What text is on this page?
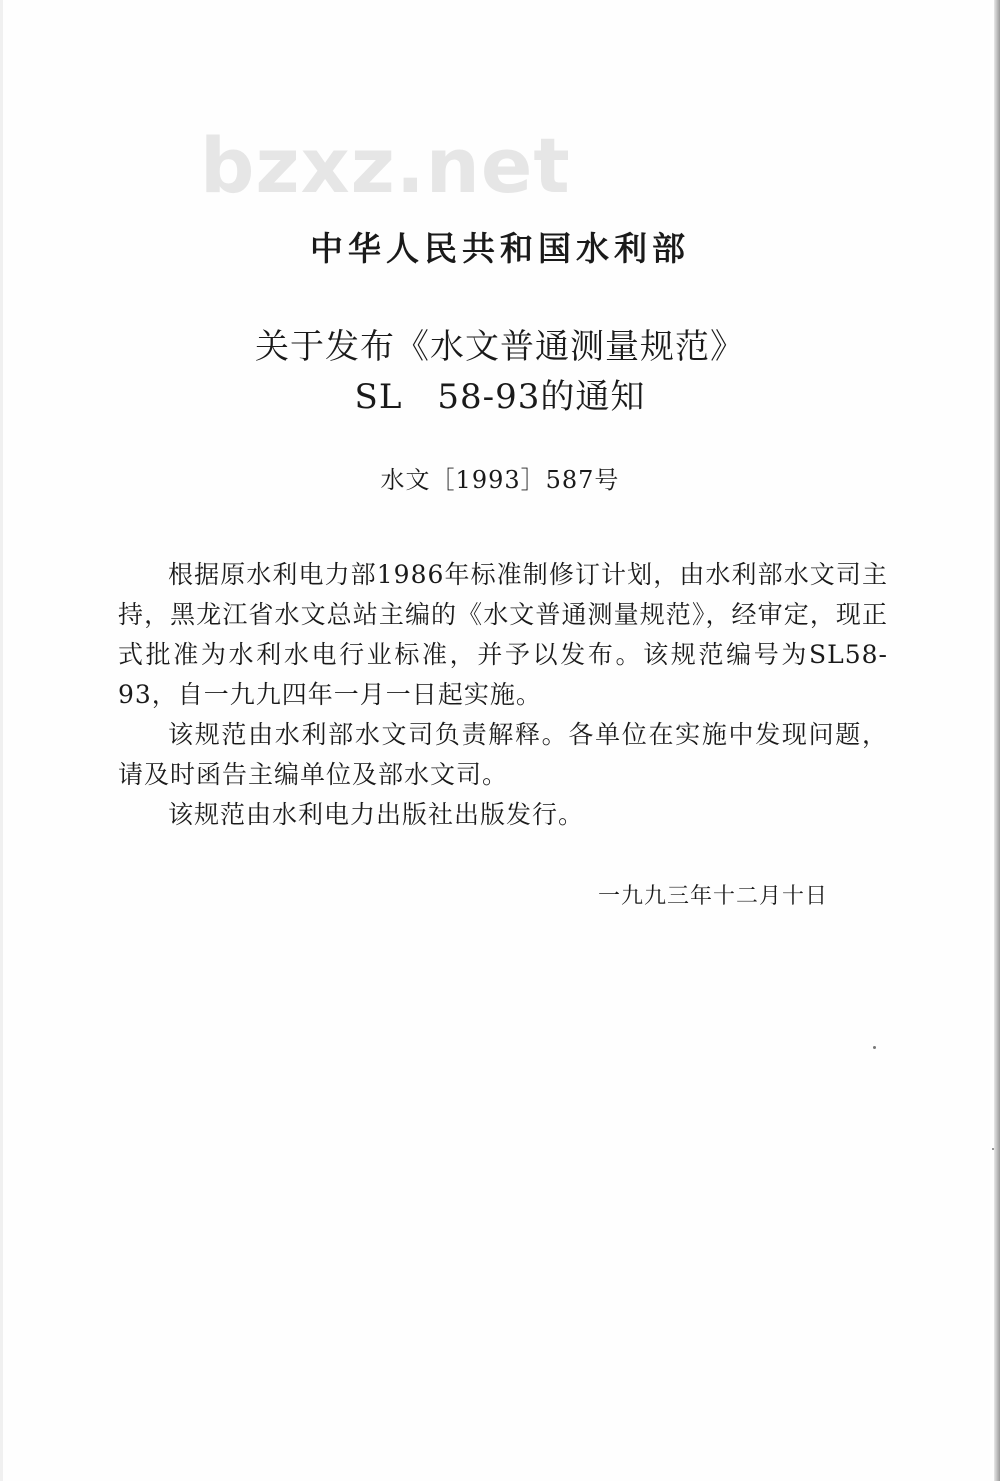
bzxz.net
中华人民共和国水利部
关于发布《水文普通测量规范》
SL　58-93的通知
水文［1993］587号

根据原水利电力部1986年标准制修订计划，由水利部水文司主持，黑龙江省水文总站主编的《水文普通测量规范》，经审定，现正式批准为水利水电行业标准，并予以发布。该规范编号为SL58-93，自一九九四年一月一日起实施。

该规范由水利部水文司负责解释。各单位在实施中发现问题，请及时函告主编单位及部水文司。

该规范由水利电力出版社出版发行。

一九九三年十二月十日
